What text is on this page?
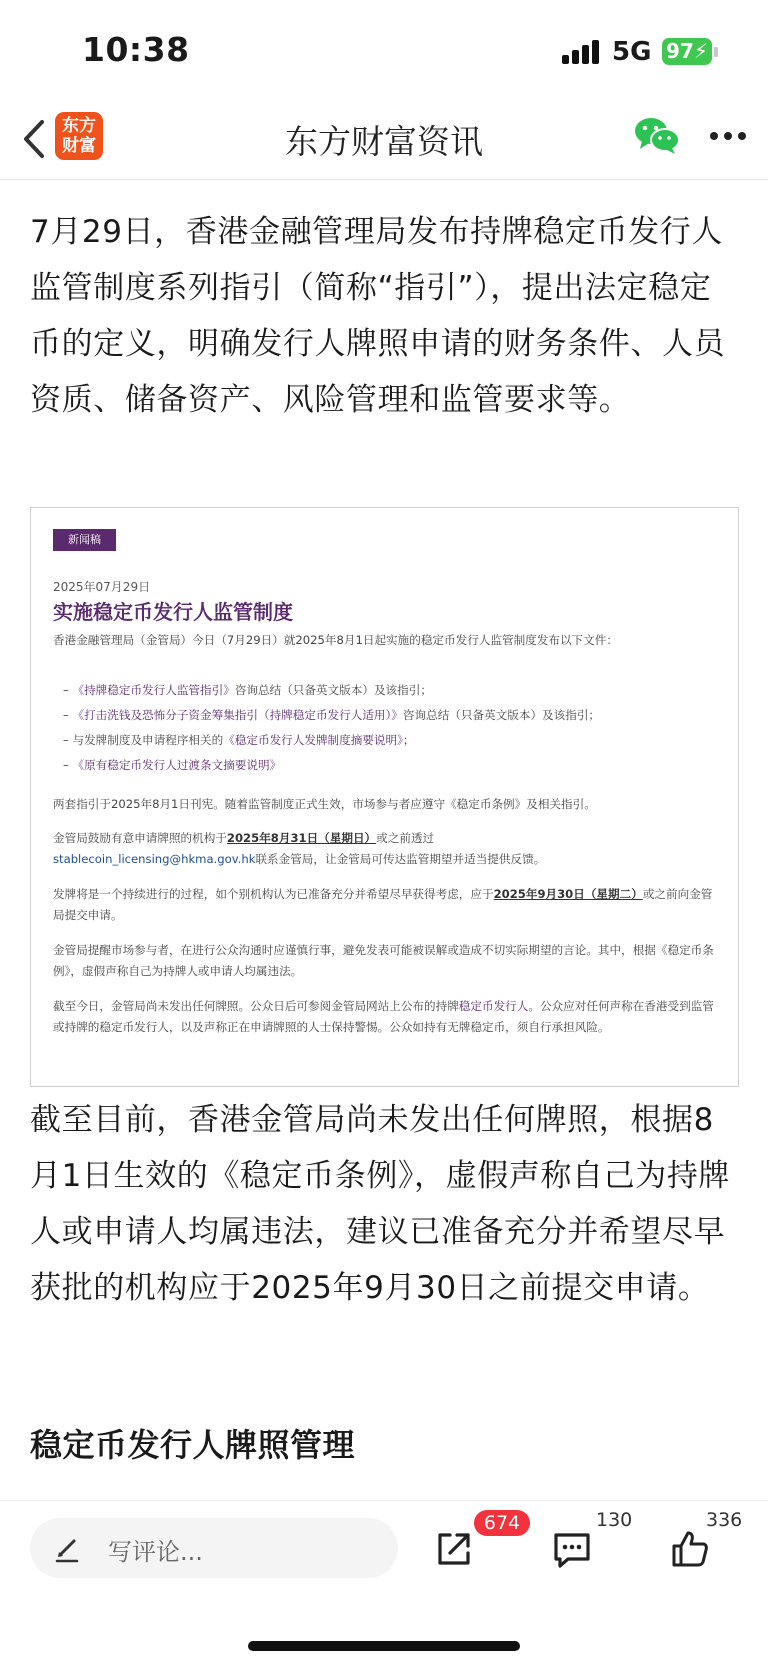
10:38	5G 97⚡
东方
财富	东方财富资讯
7月29日，香港金融管理局发布持牌稳定币发行人监管制度系列指引（简称“指引”），提出法定稳定币的定义，明确发行人牌照申请的财务条件、人员资质、储备资产、风险管理和监管要求等。
新闻稿
2025年07月29日
实施稳定币发行人监管制度
香港金融管理局（金管局）今日（7月29日）就2025年8月1日起实施的稳定币发行人监管制度发布以下文件：
– 《持牌稳定币发行人监管指引》咨询总结（只备英文版本）及该指引；
– 《打击洗钱及恐怖分子资金筹集指引（持牌稳定币发行人适用）》咨询总结（只备英文版本）及该指引；
– 与发牌制度及申请程序相关的《稳定币发行人发牌制度摘要说明》；
– 《原有稳定币发行人过渡条文摘要说明》
两套指引于2025年8月1日刊宪。随着监管制度正式生效，市场参与者应遵守《稳定币条例》及相关指引。
金管局鼓励有意申请牌照的机构于2025年8月31日（星期日）或之前透过
stablecoin_licensing@hkma.gov.hk联系金管局，让金管局可传达监管期望并适当提供反馈。
发牌将是一个持续进行的过程，如个别机构认为已准备充分并希望尽早获得考虑，应于2025年9月30日（星期二）或之前向金管局提交申请。
金管局提醒市场参与者，在进行公众沟通时应谨慎行事，避免发表可能被误解或造成不切实际期望的言论。其中，根据《稳定币条例》，虚假声称自己为持牌人或申请人均属违法。
截至今日，金管局尚未发出任何牌照。公众日后可参阅金管局网站上公布的持牌稳定币发行人。公众应对任何声称在香港受到监管或持牌的稳定币发行人，以及声称正在申请牌照的人士保持警惕。公众如持有无牌稳定币，须自行承担风险。
截至目前，香港金管局尚未发出任何牌照，根据8月1日生效的《稳定币条例》，虚假声称自己为持牌人或申请人均属违法，建议已准备充分并希望尽早获批的机构应于2025年9月30日之前提交申请。
稳定币发行人牌照管理
写评论...
674	130	336
